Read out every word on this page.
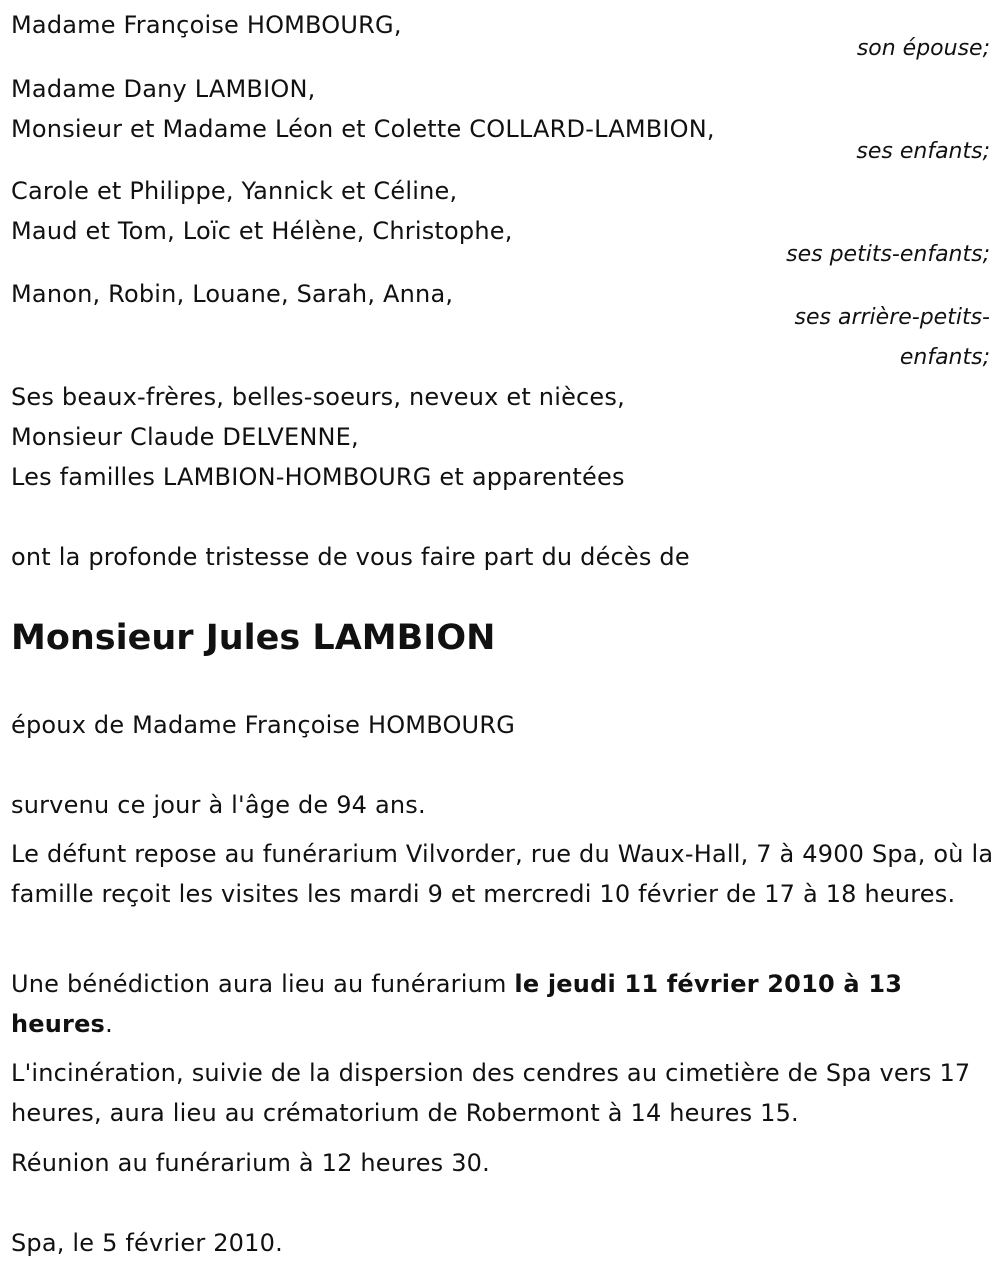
Madame Françoise HOMBOURG,
son épouse;
Madame Dany LAMBION,
Monsieur et Madame Léon et Colette COLLARD-LAMBION,
ses enfants;
Carole et Philippe, Yannick et Céline,
Maud et Tom, Loïc et Hélène, Christophe,
ses petits-enfants;
Manon, Robin, Louane, Sarah, Anna,
ses arrière-petits-
enfants;
Ses beaux-frères, belles-soeurs, neveux et nièces,
Monsieur Claude DELVENNE,
Les familles LAMBION-HOMBOURG et apparentées
ont la profonde tristesse de vous faire part du décès de
Monsieur Jules LAMBION
époux de Madame Françoise HOMBOURG
survenu ce jour à l'âge de 94 ans.
Le défunt repose au funérarium Vilvorder, rue du Waux-Hall, 7 à 4900 Spa, où la famille reçoit les visites les mardi 9 et mercredi 10 février de 17 à 18 heures.
Une bénédiction aura lieu au funérarium le jeudi 11 février 2010 à 13 heures.
L'incinération, suivie de la dispersion des cendres au cimetière de Spa vers 17 heures, aura lieu au crématorium de Robermont à 14 heures 15.
Réunion au funérarium à 12 heures 30.
Spa, le 5 février 2010.
